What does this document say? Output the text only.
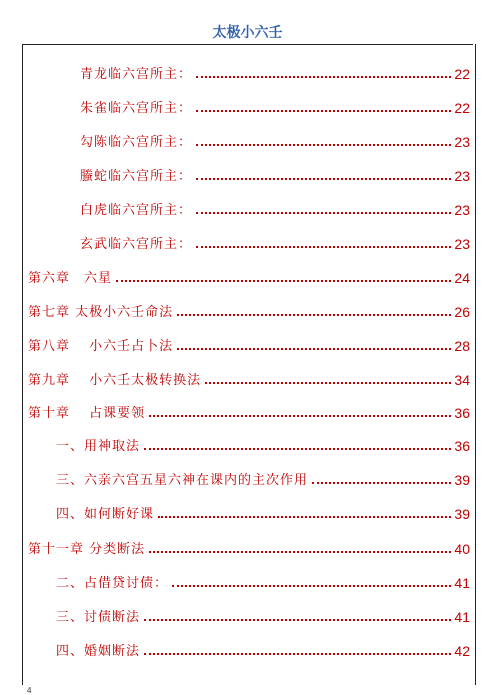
太极小六壬
青龙临六宫所主：	22
朱雀临六宫所主：	22
勾陈临六宫所主：	23
螣蛇临六宫所主：	23
白虎临六宫所主：	23
玄武临六宫所主：	23
第六章　六星	24
第七章 太极小六壬命法	26
第八章　 小六壬占卜法	28
第九章　 小六壬太极转换法	34
第十章　 占课要领	36
一、用神取法	36
三、六亲六宫五星六神在课内的主次作用	39
四、如何断好课	39
第十一章 分类断法	40
二、占借贷讨债：	41
三、讨债断法	41
四、婚姻断法	42
4
